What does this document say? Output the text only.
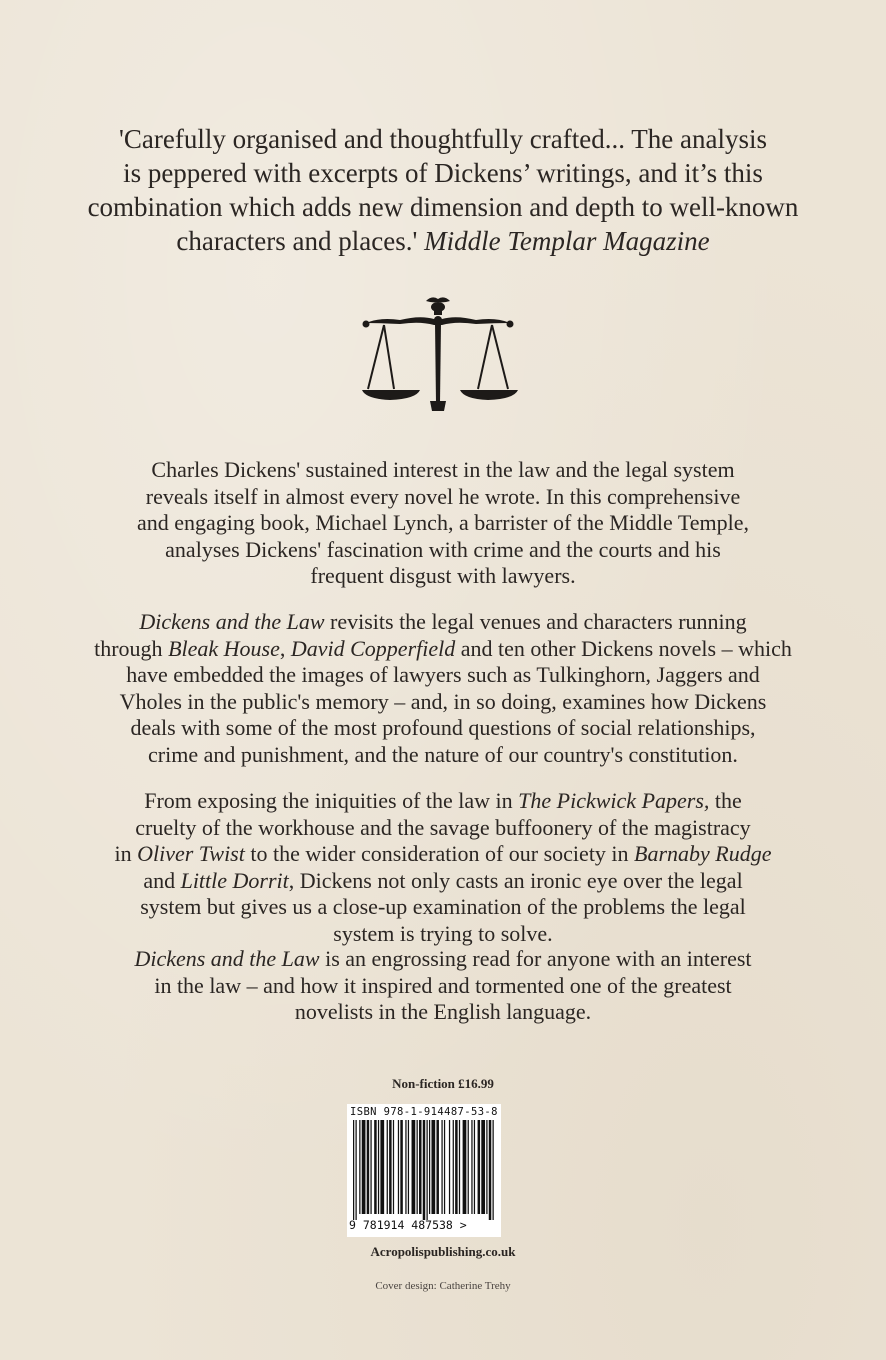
'Carefully organised and thoughtfully crafted... The analysis
is peppered with excerpts of Dickens’ writings, and it’s this
combination which adds new dimension and depth to well-known
characters and places.' Middle Templar Magazine
Charles Dickens' sustained interest in the law and the legal system
reveals itself in almost every novel he wrote. In this comprehensive
and engaging book, Michael Lynch, a barrister of the Middle Temple,
analyses Dickens' fascination with crime and the courts and his
frequent disgust with lawyers.
Dickens and the Law revisits the legal venues and characters running
through Bleak House, David Copperfield and ten other Dickens novels – which
have embedded the images of lawyers such as Tulkinghorn, Jaggers and
Vholes in the public's memory – and, in so doing, examines how Dickens
deals with some of the most profound questions of social relationships,
crime and punishment, and the nature of our country's constitution.
From exposing the iniquities of the law in The Pickwick Papers, the
cruelty of the workhouse and the savage buffoonery of the magistracy
in Oliver Twist to the wider consideration of our society in Barnaby Rudge
and Little Dorrit, Dickens not only casts an ironic eye over the legal
system but gives us a close-up examination of the problems the legal
system is trying to solve.
Dickens and the Law is an engrossing read for anyone with an interest
in the law – and how it inspired and tormented one of the greatest
novelists in the English language.
Non-fiction £16.99
ISBN 978-1-914487-53-8
9 781914 487538 >
Acropolispublishing.co.uk
Cover design: Catherine Trehy
